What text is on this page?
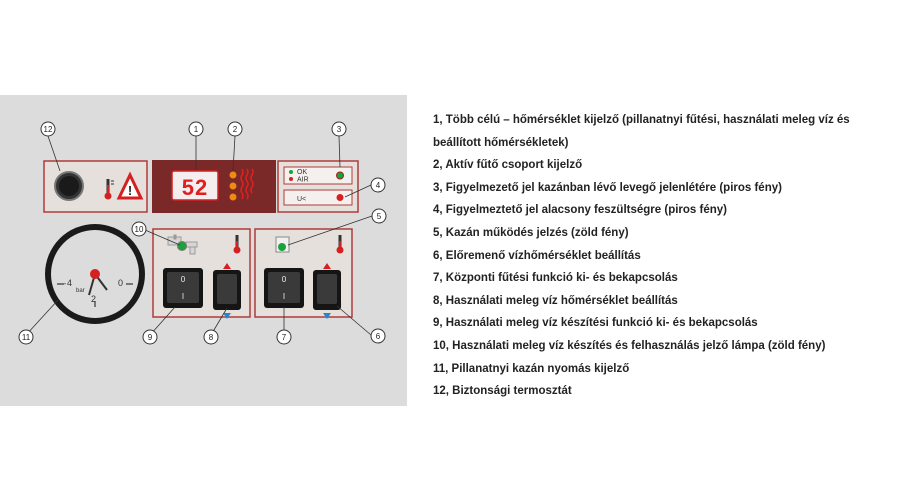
! 52
OK
AIR
U<
– 4	0
2
bar
0
I
0
I
12	1	2	3
4
5
6
7
8
9
10
11
1, Több célú – hőmérséklet kijelző (pillanatnyi fűtési, használati meleg víz és beállított hőmérsékletek)
2, Aktív fűtő csoport kijelző
3, Figyelmezető jel kazánban lévő levegő jelenlétére (piros fény)
4, Figyelmeztető jel alacsony feszültségre (piros fény)
5, Kazán működés jelzés (zöld fény)
6, Előremenő vízhőmérséklet beállítás
7, Központi fűtési funkció ki- és bekapcsolás
8, Használati meleg víz hőmérséklet beállítás
9, Használati meleg víz készítési funkció ki- és bekapcsolás
10, Használati meleg víz készítés és felhasználás jelző lámpa (zöld fény)
11, Pillanatnyi kazán nyomás kijelző
12, Biztonsági termosztát
